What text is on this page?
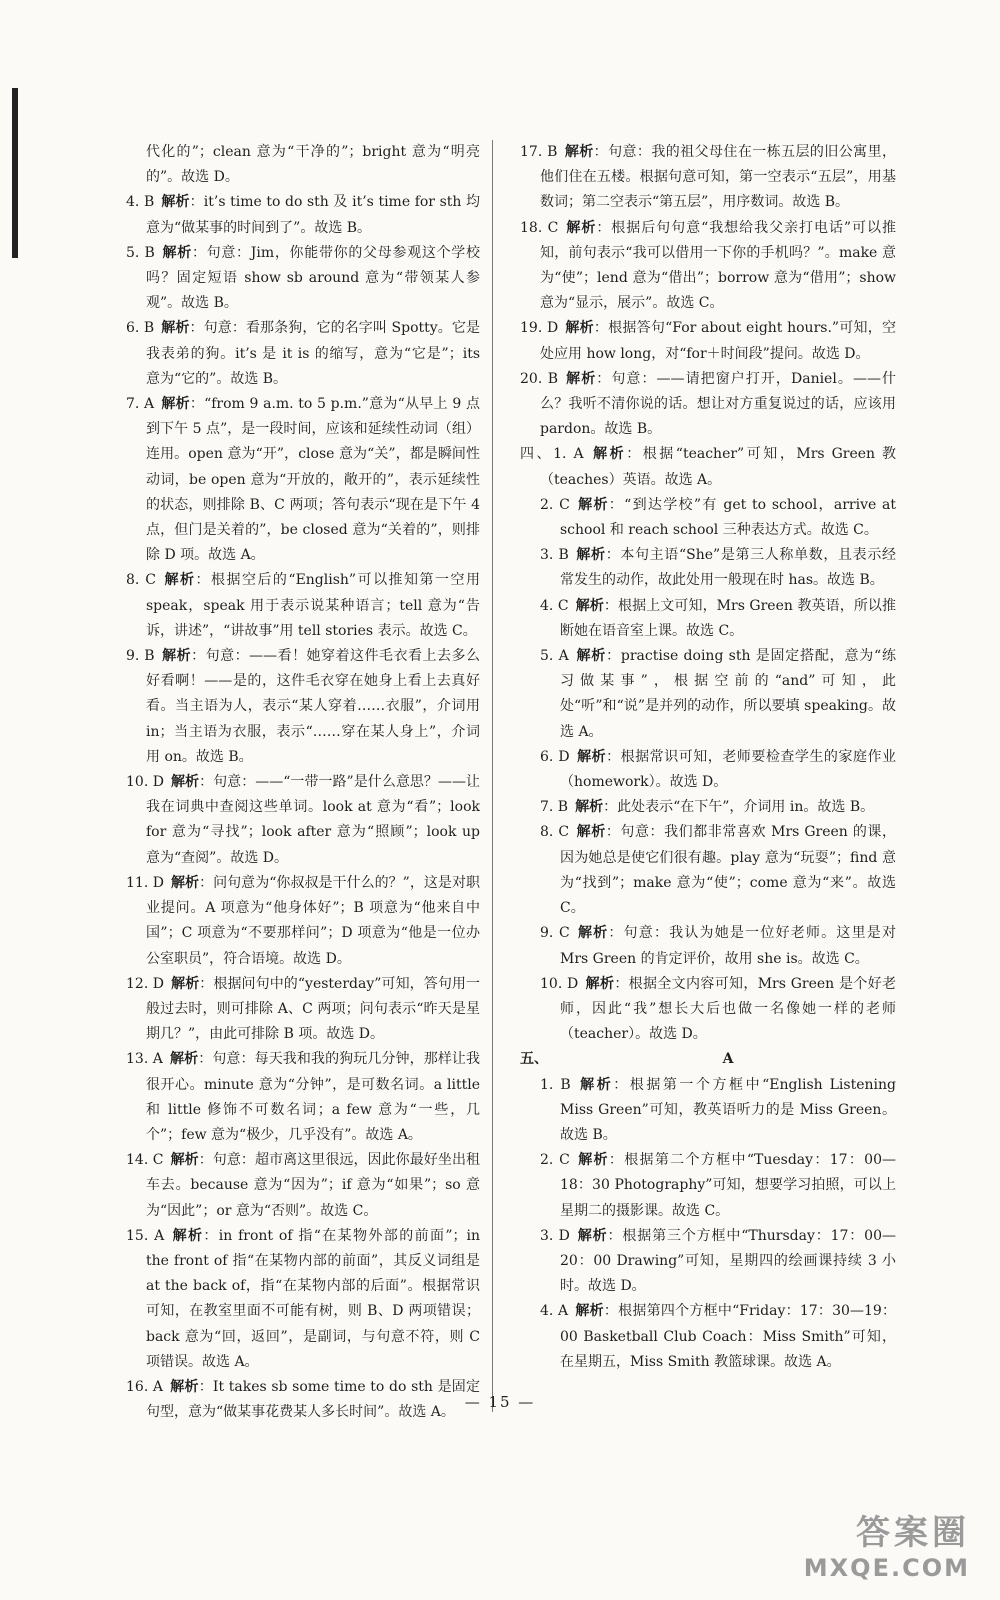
代化的”；clean 意为“干净的”；bright 意为“明亮的”。故选 D。
4. B  解析：it’s time to do sth 及 it’s time for sth 均意为“做某事的时间到了”。故选 B。
5. B  解析：句意：Jim，你能带你的父母参观这个学校吗？固定短语 show sb around 意为“带领某人参观”。故选 B。
6. B  解析：句意：看那条狗，它的名字叫 Spotty。它是我表弟的狗。it’s 是 it is 的缩写，意为“它是”；its 意为“它的”。故选 B。
7. A  解析：“from 9 a.m. to 5 p.m.”意为“从早上 9 点到下午 5 点”，是一段时间，应该和延续性动词（组）连用。open 意为“开”，close 意为“关”，都是瞬间性动词，be open 意为“开放的，敞开的”，表示延续性的状态，则排除 B、C 两项；答句表示“现在是下午 4 点，但门是关着的”，be closed 意为“关着的”，则排除 D 项。故选 A。
8. C  解析：根据空后的“English”可以推知第一空用 speak，speak 用于表示说某种语言；tell 意为“告诉，讲述”，“讲故事”用 tell stories 表示。故选 C。
9. B  解析：句意：——看！她穿着这件毛衣看上去多么好看啊！——是的，这件毛衣穿在她身上看上去真好看。当主语为人，表示“某人穿着……衣服”，介词用 in；当主语为衣服，表示“……穿在某人身上”，介词用 on。故选 B。
10. D  解析：句意：——“一带一路”是什么意思？——让我在词典中查阅这些单词。look at 意为“看”；look for 意为“寻找”；look after 意为“照顾”；look up 意为“查阅”。故选 D。
11. D  解析：问句意为“你叔叔是干什么的？”，这是对职业提问。A 项意为“他身体好”；B 项意为“他来自中国”；C 项意为“不要那样问”；D 项意为“他是一位办公室职员”，符合语境。故选 D。
12. D  解析：根据问句中的“yesterday”可知，答句用一般过去时，则可排除 A、C 两项；问句表示“昨天是星期几？”，由此可排除 B 项。故选 D。
13. A  解析：句意：每天我和我的狗玩几分钟，那样让我很开心。minute 意为“分钟”，是可数名词。a little 和 little 修饰不可数名词；a few 意为“一些，几个”；few 意为“极少，几乎没有”。故选 A。
14. C  解析：句意：超市离这里很远，因此你最好坐出租车去。because 意为“因为”；if 意为“如果”；so 意为“因此”；or 意为“否则”。故选 C。
15. A  解析：in front of 指“在某物外部的前面”；in the front of 指“在某物内部的前面”，其反义词组是 at the back of，指“在某物内部的后面”。根据常识可知，在教室里面不可能有树，则 B、D 两项错误；back 意为“回，返回”，是副词，与句意不符，则 C 项错误。故选 A。
16. A  解析：It takes sb some time to do sth 是固定句型，意为“做某事花费某人多长时间”。故选 A。
17. B  解析：句意：我的祖父母住在一栋五层的旧公寓里，他们住在五楼。根据句意可知，第一空表示“五层”，用基数词；第二空表示“第五层”，用序数词。故选 B。
18. C  解析：根据后句句意“我想给我父亲打电话”可以推知，前句表示“我可以借用一下你的手机吗？”。make 意为“使”；lend 意为“借出”；borrow 意为“借用”；show 意为“显示，展示”。故选 C。
19. D  解析：根据答句“For about eight hours.”可知，空处应用 how long，对“for＋时间段”提问。故选 D。
20. B  解析：句意：——请把窗户打开，Daniel。——什么？我听不清你说的话。想让对方重复说过的话，应该用 pardon。故选 B。
四、1. A  解析：根据“teacher”可知，Mrs Green 教（teaches）英语。故选 A。
2. C  解析：“到达学校”有 get to school，arrive at school 和 reach school 三种表达方式。故选 C。
3. B  解析：本句主语“She”是第三人称单数，且表示经常发生的动作，故此处用一般现在时 has。故选 B。
4. C  解析：根据上文可知，Mrs Green 教英语，所以推断她在语音室上课。故选 C。
5. A  解析：practise doing sth 是固定搭配，意为“练习做某事”，根据空前的“and”可知，此处“听”和“说”是并列的动作，所以要填 speaking。故选 A。
6. D  解析：根据常识可知，老师要检查学生的家庭作业（homework）。故选 D。
7. B  解析：此处表示“在下午”，介词用 in。故选 B。
8. C  解析：句意：我们都非常喜欢 Mrs Green 的课，因为她总是使它们很有趣。play 意为“玩耍”；find 意为“找到”；make 意为“使”；come 意为“来”。故选 C。
9. C  解析：句意：我认为她是一位好老师。这里是对 Mrs Green 的肯定评价，故用 she is。故选 C。
10. D  解析：根据全文内容可知，Mrs Green 是个好老师，因此“我”想长大后也做一名像她一样的老师（teacher）。故选 D。
五、	A
1. B  解析：根据第一个方框中“English Listening Miss Green”可知，教英语听力的是 Miss Green。故选 B。
2. C  解析：根据第二个方框中“Tuesday：17：00—18：30 Photography”可知，想要学习拍照，可以上星期二的摄影课。故选 C。
3. D  解析：根据第三个方框中“Thursday：17：00—20：00 Drawing”可知，星期四的绘画课持续 3 小时。故选 D。
4. A  解析：根据第四个方框中“Friday：17：30—19：00 Basketball Club Coach：Miss Smith”可知，在星期五，Miss Smith 教篮球课。故选 A。
— 15 —
答案圈
MXQE.COM
